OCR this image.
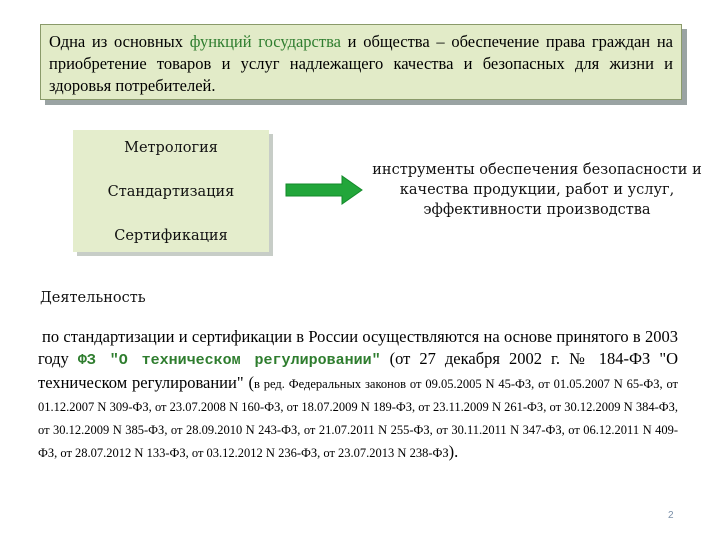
Одна из основных функций государства и общества – обеспечение права граждан на приобретение товаров и услуг надлежащего качества и безопасных для жизни и здоровья потребителей.
Метрология
Стандартизация
Сертификация
инструменты обеспечения безопасности и качества продукции, работ и услуг, эффективности производства
Деятельность
по стандартизации и сертификации в России осуществляются на основе принятого в 2003 году ФЗ "О техническом регулировании" (от 27 декабря 2002 г. № 184-ФЗ "О техническом регулировании" (в ред. Федеральных законов от 09.05.2005 N 45-ФЗ, от 01.05.2007 N 65-ФЗ, от 01.12.2007 N 309-ФЗ, от 23.07.2008 N 160-ФЗ, от 18.07.2009 N 189-ФЗ, от 23.11.2009 N 261-ФЗ, от 30.12.2009 N 384-ФЗ, от 30.12.2009 N 385-ФЗ, от 28.09.2010 N 243-ФЗ, от 21.07.2011 N 255-ФЗ, от 30.11.2011 N 347-ФЗ, от 06.12.2011 N 409-ФЗ, от 28.07.2012 N 133-ФЗ, от 03.12.2012 N 236-ФЗ, от 23.07.2013 N 238-ФЗ).
2
